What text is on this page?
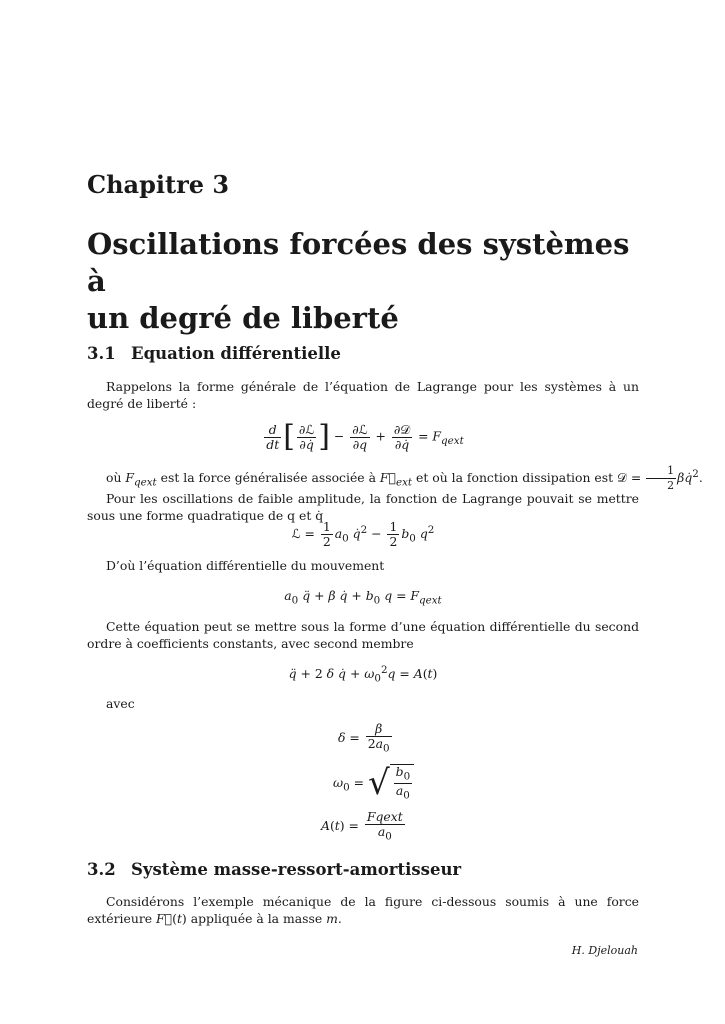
Chapitre 3
Oscillations forcées des systèmes à
un degré de liberté
3.1 Equation différentielle
Rappelons la forme générale de l’équation de Lagrange pour les systèmes à un degré de liberté :
$\frac{d}{dt}$ [ $\frac{\text{∂ℒ}}{\partial q̇}$ ] − $\frac{\text{∂ℒ}}{\partial q} + \frac{\text{∂𝒟}}{\partial q̇} = F_{qext}$
où $F_{qext}$ est la force généralisée associée à $F⃗_{ext}$ et où la fonction dissipation est 𝒟 = $\frac{1}{2}$ βq̇$^2$.
Pour les oscillations de faible amplitude, la fonction de Lagrange pouvait se mettre sous une forme quadratique de q et q̇
ℒ = $\frac{1}{2} a_0$ q̇$^2$ − $\frac{1}{2} b_0$ $q^2$
D’où l’équation différentielle du mouvement
$a_0$ q̈ + β q̇ + $b_0$ $q = F_{qext}$
Cette équation peut se mettre sous la forme d’une équation différentielle du second ordre à coefficients constants, avec second membre
q̈ + 2 δ q̇ + $\omega_0^2q = A(t)$
avec
$\delta = \frac{\beta}{2a_0}$
$\omega_0$ = √ $\frac{b_0}{a_0}$
$A(t) = \frac{\text{Fqext}}{a_0}$
3.2 Système masse-ressort-amortisseur
Considérons l’exemple mécanique de la figure ci-dessous soumis à une force extérieure F⃗(t) appliquée à la masse m.
H. Djelouah
